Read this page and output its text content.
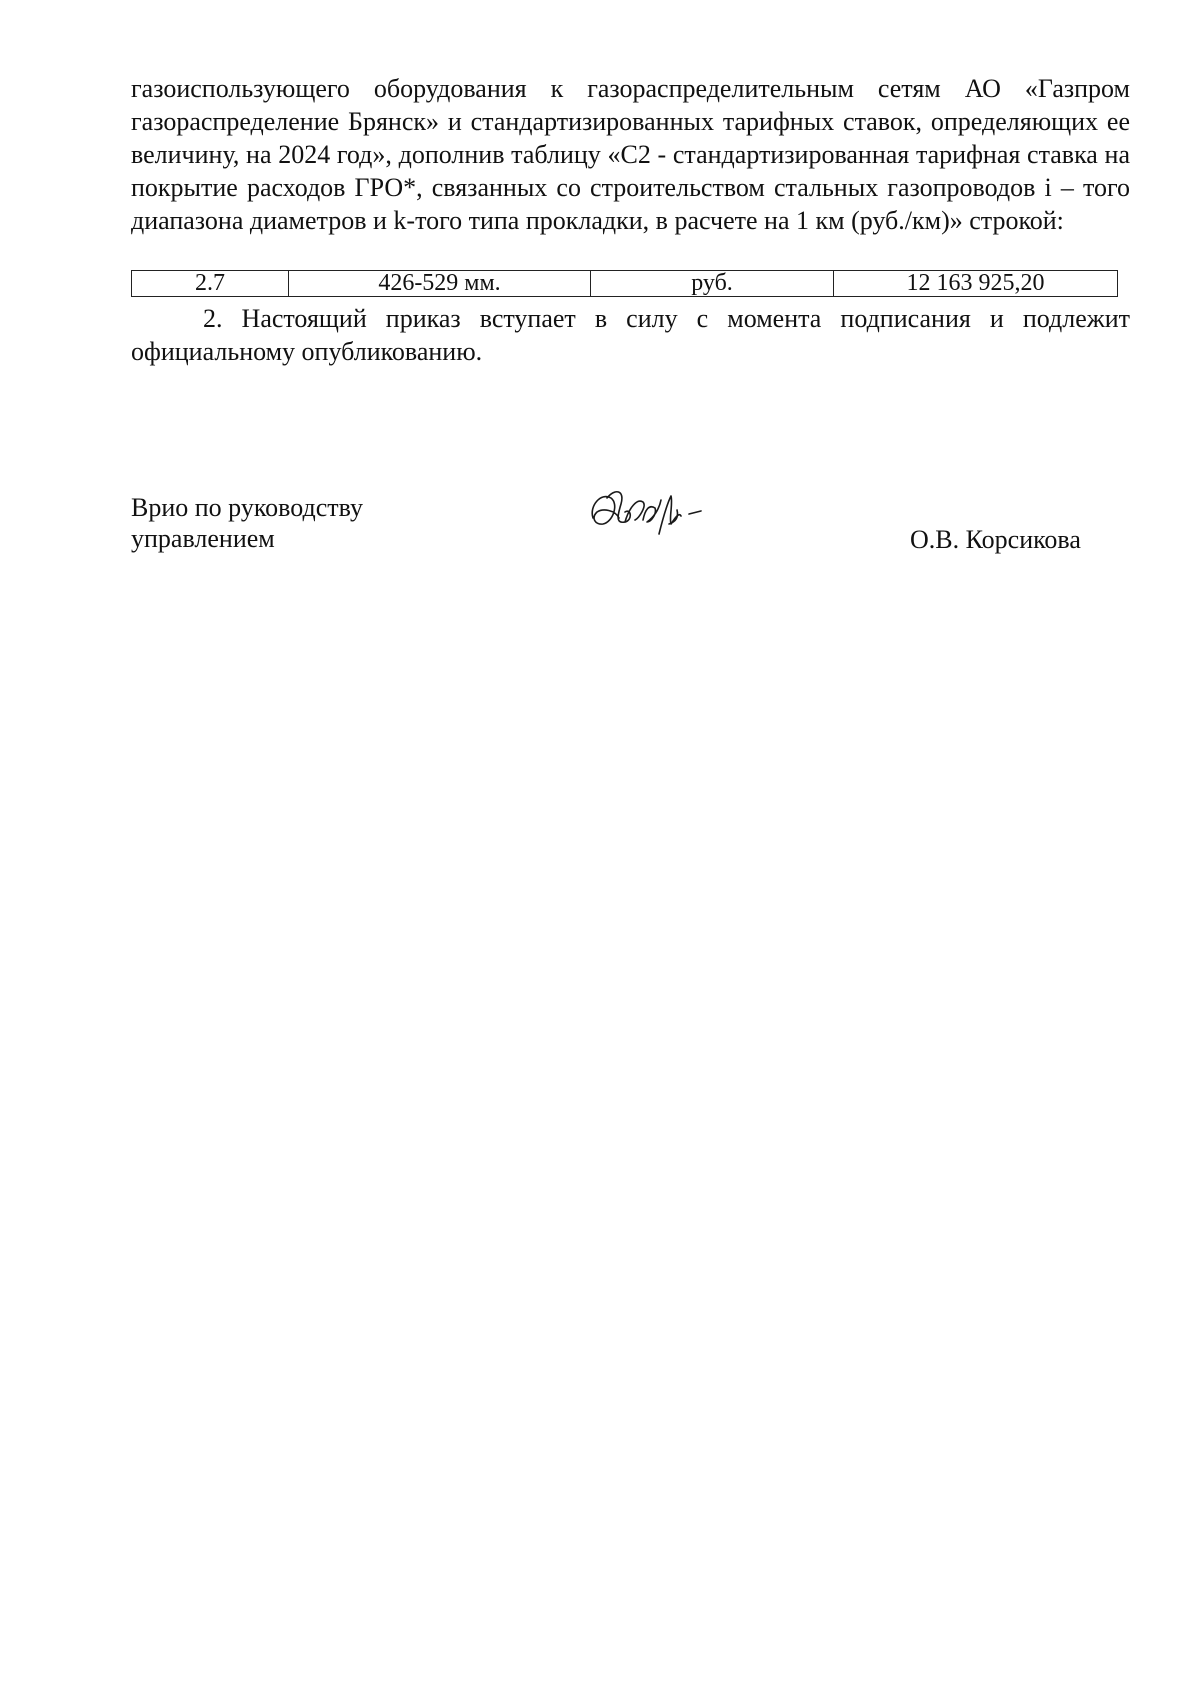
газоиспользующего оборудования к газораспределительным сетям АО «Газпром газораспределение Брянск» и стандартизированных тарифных ставок, определяющих ее величину, на 2024 год», дополнив таблицу «С2 - стандартизированная тарифная ставка на покрытие расходов ГРО*, связанных со строительством стальных газопроводов i – того диапазона диаметров и k-того типа прокладки, в расчете на 1 км (руб./км)» строкой:

2.7	426-529 мм.	руб.	12 163 925,20

2. Настоящий приказ вступает в силу с момента подписания и подлежит официальному опубликованию.

Врио по руководству
управлением	О.В. Корсикова
